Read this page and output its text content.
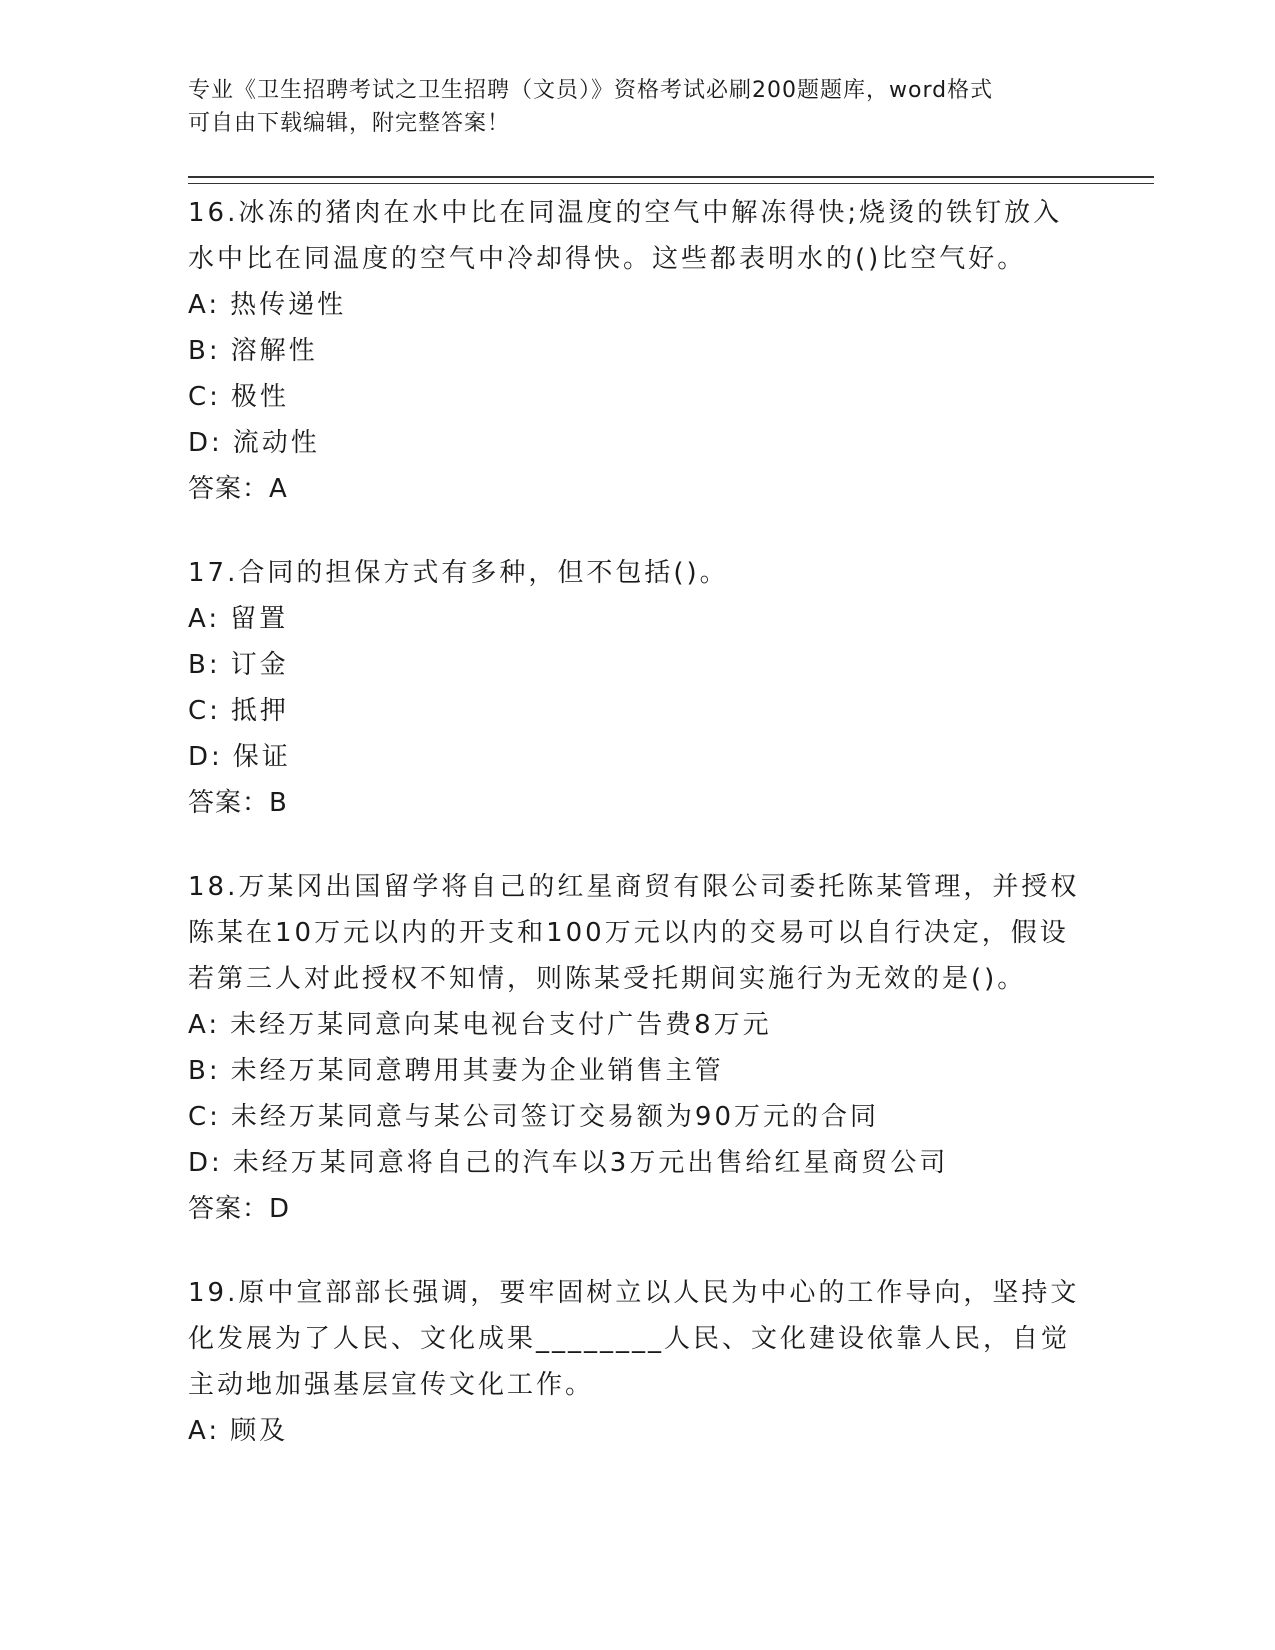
专业《卫生招聘考试之卫生招聘（文员）》资格考试必刷200题题库，word格式
可自由下载编辑，附完整答案！

16.冰冻的猪肉在水中比在同温度的空气中解冻得快;烧烫的铁钉放入水中比在同温度的空气中冷却得快。这些都表明水的()比空气好。

A: 热传递性

B: 溶解性

C: 极性

D: 流动性

答案：A

17.合同的担保方式有多种，但不包括()。

A: 留置

B: 订金

C: 抵押

D: 保证

答案：B

18.万某冈出国留学将自己的红星商贸有限公司委托陈某管理，并授权陈某在10万元以内的开支和100万元以内的交易可以自行决定，假设若第三人对此授权不知情，则陈某受托期间实施行为无效的是()。

A: 未经万某同意向某电视台支付广告费8万元

B: 未经万某同意聘用其妻为企业销售主管

C: 未经万某同意与某公司签订交易额为90万元的合同

D: 未经万某同意将自己的汽车以3万元出售给红星商贸公司

答案：D

19.原中宣部部长强调，要牢固树立以人民为中心的工作导向，坚持文化发展为了人民、文化成果________人民、文化建设依靠人民，自觉主动地加强基层宣传文化工作。

A: 顾及
